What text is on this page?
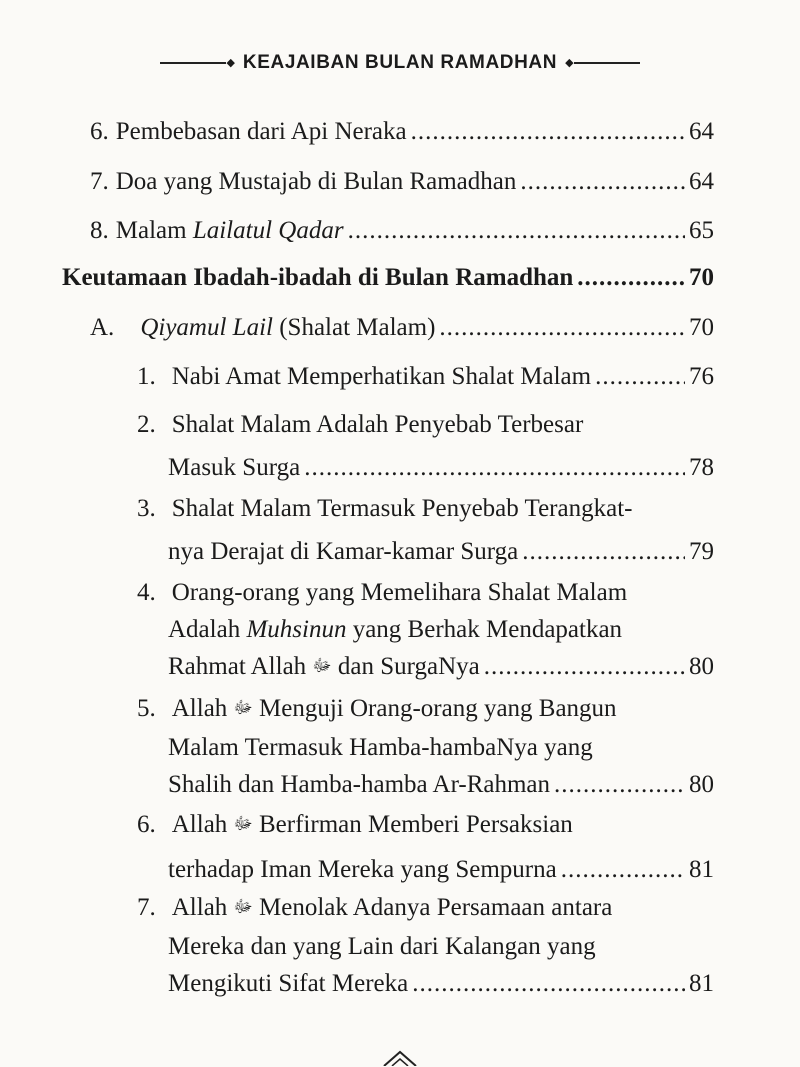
◆ KEAJAIBAN BULAN RAMADHAN ◆
6. Pembebasan dari Api Neraka .....	64
7. Doa yang Mustajab di Bulan Ramadhan .....	64
8. Malam Lailatul Qadar .....	65
Keutamaan Ibadah-ibadah di Bulan Ramadhan .....	70
A. Qiyamul Lail (Shalat Malam) .....	70
1. Nabi Amat Memperhatikan Shalat Malam .....	76
2. Shalat Malam Adalah Penyebab Terbesar
Masuk Surga .....	78
3. Shalat Malam Termasuk Penyebab Terangkat-
nya Derajat di Kamar-kamar Surga .....	79
4. Orang-orang yang Memelihara Shalat Malam
Adalah Muhsinun yang Berhak Mendapatkan
Rahmat Allah ﷻ dan SurgaNya .....	80
5. Allah ﷻ Menguji Orang-orang yang Bangun
Malam Termasuk Hamba-hambaNya yang
Shalih dan Hamba-hamba Ar-Rahman .....	80
6. Allah ﷻ Berfirman Memberi Persaksian
terhadap Iman Mereka yang Sempurna .....	81
7. Allah ﷻ Menolak Adanya Persamaan antara
Mereka dan yang Lain dari Kalangan yang
Mengikuti Sifat Mereka .....	81
